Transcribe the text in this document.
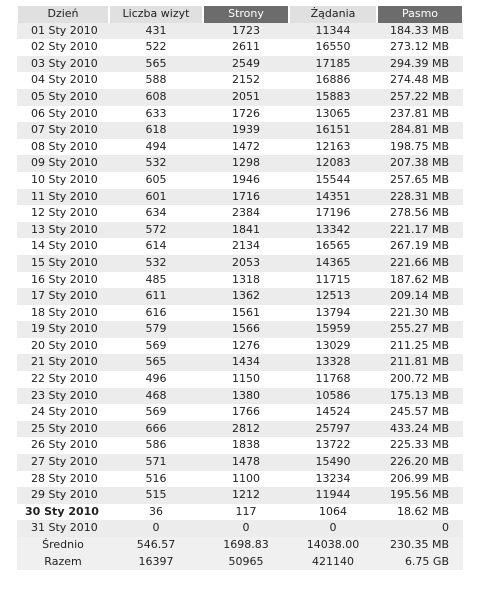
Dzień	Liczba wizyt	Strony	Żądania	Pasmo
01 Sty 2010	431	1723	11344	184.33 MB
02 Sty 2010	522	2611	16550	273.12 MB
03 Sty 2010	565	2549	17185	294.39 MB
04 Sty 2010	588	2152	16886	274.48 MB
05 Sty 2010	608	2051	15883	257.22 MB
06 Sty 2010	633	1726	13065	237.81 MB
07 Sty 2010	618	1939	16151	284.81 MB
08 Sty 2010	494	1472	12163	198.75 MB
09 Sty 2010	532	1298	12083	207.38 MB
10 Sty 2010	605	1946	15544	257.65 MB
11 Sty 2010	601	1716	14351	228.31 MB
12 Sty 2010	634	2384	17196	278.56 MB
13 Sty 2010	572	1841	13342	221.17 MB
14 Sty 2010	614	2134	16565	267.19 MB
15 Sty 2010	532	2053	14365	221.66 MB
16 Sty 2010	485	1318	11715	187.62 MB
17 Sty 2010	611	1362	12513	209.14 MB
18 Sty 2010	616	1561	13794	221.30 MB
19 Sty 2010	579	1566	15959	255.27 MB
20 Sty 2010	569	1276	13029	211.25 MB
21 Sty 2010	565	1434	13328	211.81 MB
22 Sty 2010	496	1150	11768	200.72 MB
23 Sty 2010	468	1380	10586	175.13 MB
24 Sty 2010	569	1766	14524	245.57 MB
25 Sty 2010	666	2812	25797	433.24 MB
26 Sty 2010	586	1838	13722	225.33 MB
27 Sty 2010	571	1478	15490	226.20 MB
28 Sty 2010	516	1100	13234	206.99 MB
29 Sty 2010	515	1212	11944	195.56 MB
30 Sty 2010	36	117	1064	18.62 MB
31 Sty 2010	0	0	0	0
Średnio	546.57	1698.83	14038.00	230.35 MB
Razem	16397	50965	421140	6.75 GB
